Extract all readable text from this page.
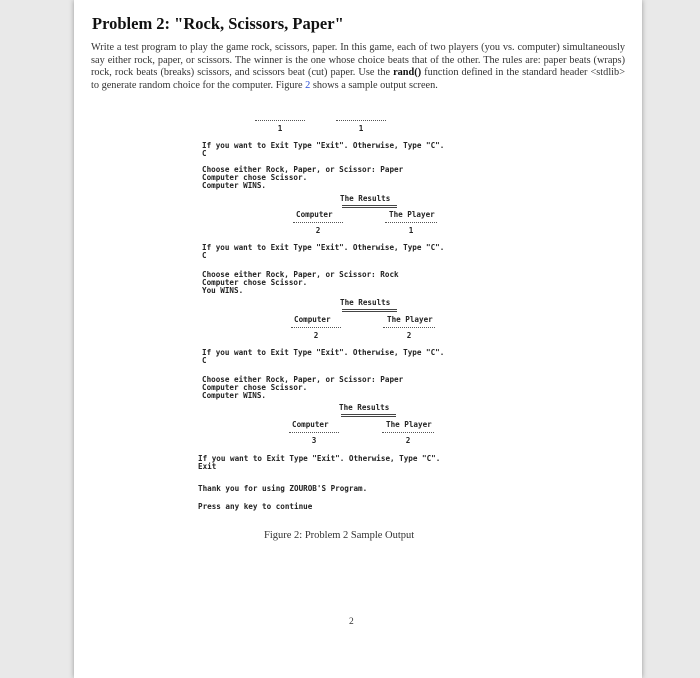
Problem 2: "Rock, Scissors, Paper"

Write a test program to play the game rock, scissors, paper. In this game, each of two players (you vs. computer) simultaneously say either rock, paper, or scissors. The winner is the one whose choice beats that of the other. The rules are: paper beats (wraps) rock, rock beats (breaks) scissors, and scissors beat (cut) paper. Use the rand() function defined in the standard header <stdlib> to generate random choice for the computer. Figure 2 shows a sample output screen.

1	1
If you want to Exit Type "Exit". Otherwise, Type "C".
C
Choose either Rock, Paper, or Scissor: Paper
Computer chose Scissor.
Computer WINS.
The Results
Computer	The Player
2	1
If you want to Exit Type "Exit". Otherwise, Type "C".
C
Choose either Rock, Paper, or Scissor: Rock
Computer chose Scissor.
You WINS.
The Results
Computer	The Player
2	2
If you want to Exit Type "Exit". Otherwise, Type "C".
C
Choose either Rock, Paper, or Scissor: Paper
Computer chose Scissor.
Computer WINS.
The Results
Computer	The Player
3	2
If you want to Exit Type "Exit". Otherwise, Type "C".
Exit
Thank you for using ZOUROB'S Program.
Press any key to continue

Figure 2: Problem 2 Sample Output

2
